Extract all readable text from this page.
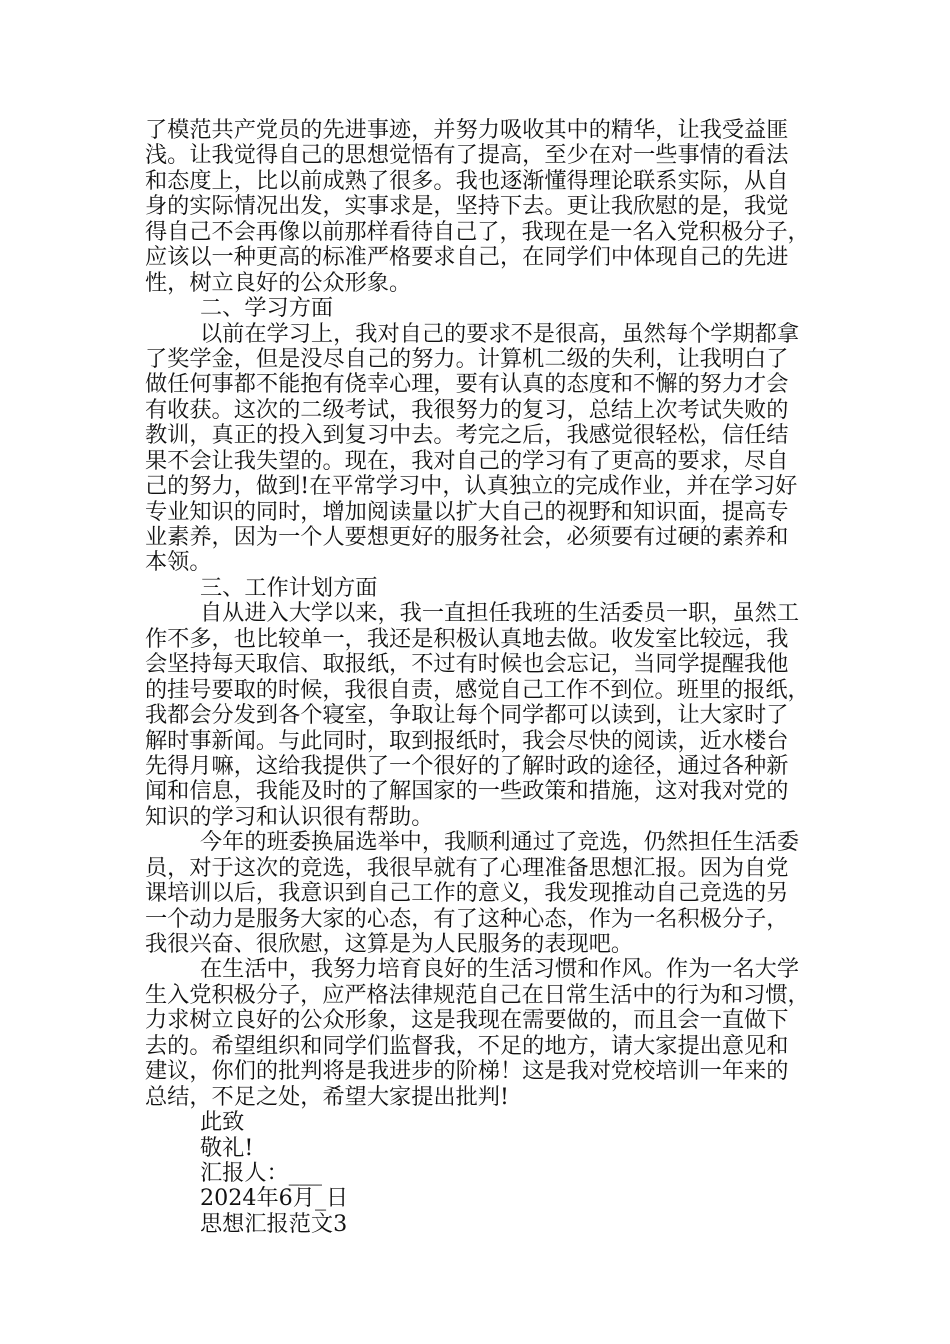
了模范共产党员的先进事迹，并努力吸收其中的精华，让我受益匪
浅。让我觉得自己的思想觉悟有了提高，至少在对一些事情的看法
和态度上，比以前成熟了很多。我也逐渐懂得理论联系实际，从自
身的实际情况出发，实事求是，坚持下去。更让我欣慰的是，我觉
得自己不会再像以前那样看待自己了，我现在是一名入党积极分子，
应该以一种更高的标准严格要求自己，在同学们中体现自己的先进
性，树立良好的公众形象。
二、学习方面
以前在学习上，我对自己的要求不是很高，虽然每个学期都拿
了奖学金，但是没尽自己的努力。计算机二级的失利，让我明白了
做任何事都不能抱有侥幸心理，要有认真的态度和不懈的努力才会
有收获。这次的二级考试，我很努力的复习，总结上次考试失败的
教训，真正的投入到复习中去。考完之后，我感觉很轻松，信任结
果不会让我失望的。现在，我对自己的学习有了更高的要求，尽自
己的努力，做到!在平常学习中，认真独立的完成作业，并在学习好
专业知识的同时，增加阅读量以扩大自己的视野和知识面，提高专
业素养，因为一个人要想更好的服务社会，必须要有过硬的素养和
本领。
三、工作计划方面
自从进入大学以来，我一直担任我班的生活委员一职，虽然工
作不多，也比较单一，我还是积极认真地去做。收发室比较远，我
会坚持每天取信、取报纸，不过有时候也会忘记，当同学提醒我他
的挂号要取的时候，我很自责，感觉自己工作不到位。班里的报纸，
我都会分发到各个寝室，争取让每个同学都可以读到，让大家时了
解时事新闻。与此同时，取到报纸时，我会尽快的阅读，近水楼台
先得月嘛，这给我提供了一个很好的了解时政的途径，通过各种新
闻和信息，我能及时的了解国家的一些政策和措施，这对我对党的
知识的学习和认识很有帮助。
今年的班委换届选举中，我顺利通过了竞选，仍然担任生活委
员，对于这次的竞选，我很早就有了心理准备思想汇报。因为自党
课培训以后，我意识到自己工作的意义，我发现推动自己竞选的另
一个动力是服务大家的心态，有了这种心态，作为一名积极分子，
我很兴奋、很欣慰，这算是为人民服务的表现吧。
在生活中，我努力培育良好的生活习惯和作风。作为一名大学
生入党积极分子，应严格法律规范自己在日常生活中的行为和习惯，
力求树立良好的公众形象，这是我现在需要做的，而且会一直做下
去的。希望组织和同学们监督我，不足的地方，请大家提出意见和
建议，你们的批判将是我进步的阶梯！这是我对党校培训一年来的
总结，不足之处，希望大家提出批判!
此致
敬礼!
汇报人：___
2024年6月_日
思想汇报范文3
